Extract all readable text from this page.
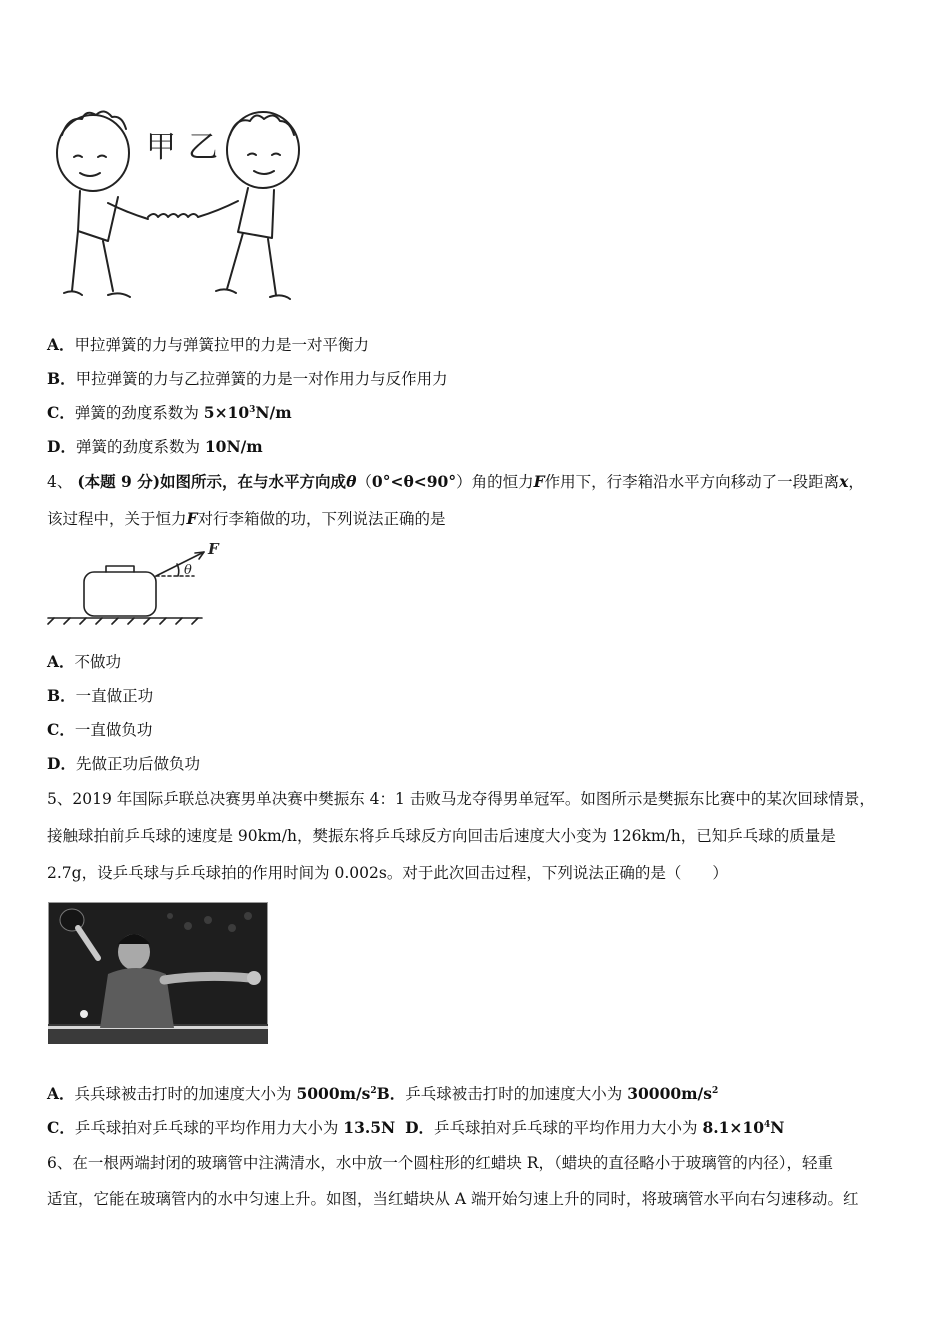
甲 乙
A．甲拉弹簧的力与弹簧拉甲的力是一对平衡力
B．甲拉弹簧的力与乙拉弹簧的力是一对作用力与反作用力
C．弹簧的劲度系数为 $5\times 10^3N/m$
D．弹簧的劲度系数为 10N/m
4、 (本题 9 分)如图所示，在与水平方向成θ（0°<θ<90°）角的恒力F作用下，行李箱沿水平方向移动了一段距离x，
该过程中，关于恒力F对行李箱做的功，下列说法正确的是
F
θ
A．不做功
B．一直做正功
C．一直做负功
D．先做正功后做负功
5、2019 年国际乒联总决赛男单决赛中樊振东 4：1 击败马龙夺得男单冠军。如图所示是樊振东比赛中的某次回球情景，
接触球拍前乒乓球的速度是 90km/h，樊振东将乒乓球反方向回击后速度大小变为 126km/h，已知乒乓球的质量是
2.7g，设乒乓球与乒乓球拍的作用时间为 0.002s。对于此次回击过程，下列说法正确的是（　　）
A．兵兵球被击打时的加速度大小为 $5000m/s^2B$．乒乓球被击打时的加速度大小为 $30000m/s^2$
C．乒乓球拍对乒乓球的平均作用力大小为 13.5N D．乒乓球拍对乒乓球的平均作用力大小为 $8.1\times 10^4N$
6、在一根两端封闭的玻璃管中注满清水，水中放一个圆柱形的红蜡块 R，（蜡块的直径略小于玻璃管的内径），轻重
适宜，它能在玻璃管内的水中匀速上升。如图，当红蜡块从 A 端开始匀速上升的同时，将玻璃管水平向右匀速移动。红
